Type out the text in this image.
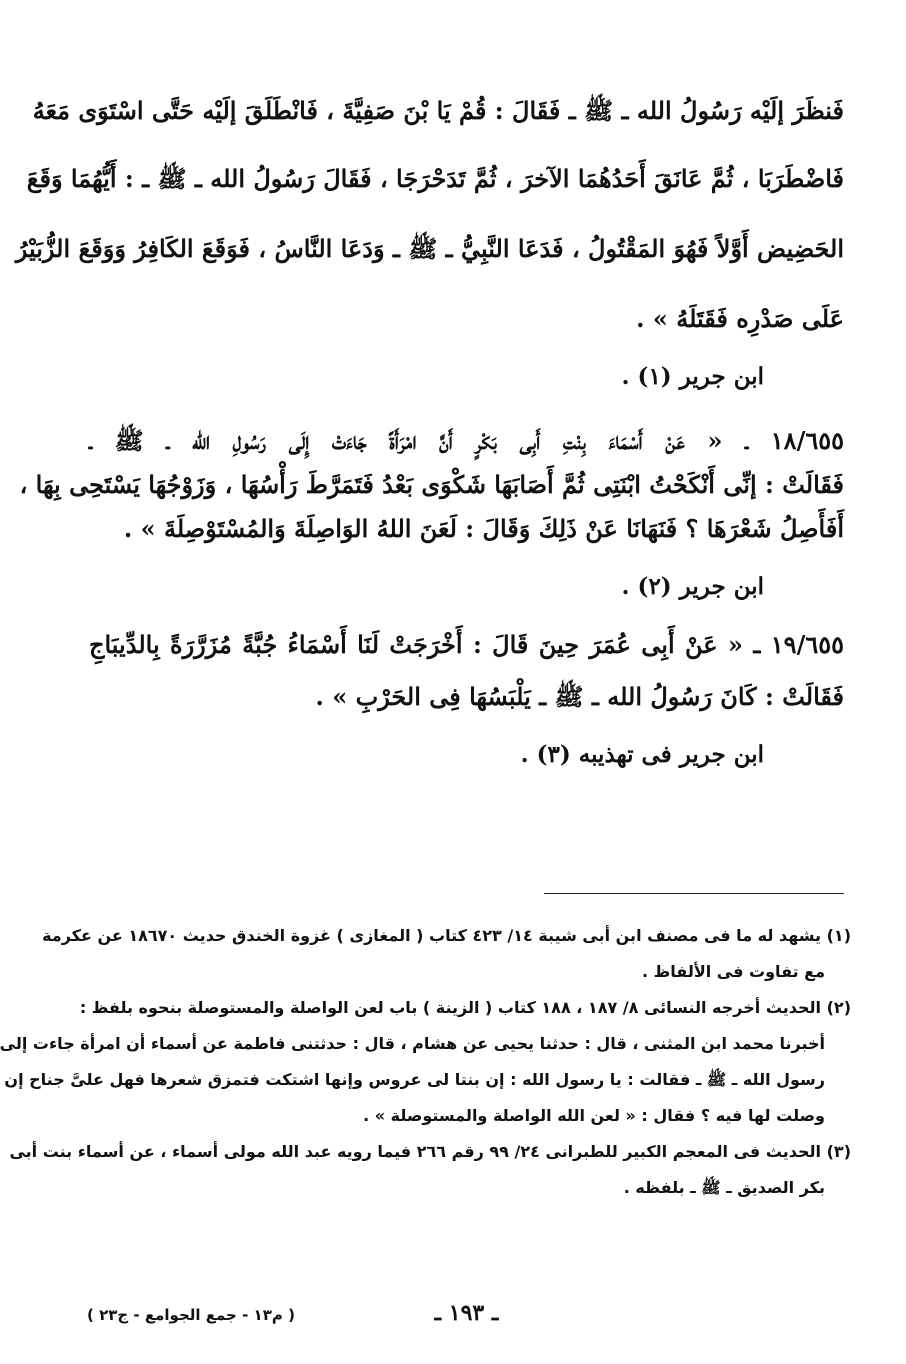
فَنظَرَ إلَيْه رَسُولُ الله ـ ﷺ ـ فَقَالَ : قُمْ يَا بْنَ صَفِيَّةَ ، فَانْطَلَقَ إلَيْه حَتَّى اسْتَوَى مَعَهُ
فَاضْطَرَبَا ، ثُمَّ عَانَقَ أَحَدُهُمَا الآخرَ ، ثُمَّ تَدَحْرَجَا ، فَقَالَ رَسُولُ الله ـ ﷺ ـ : أَيُّهُمَا وَقَعَ
الحَضِيض أَوَّلاً فَهُوَ المَقْتُولُ ، فَدَعَا النَّبِيُّ ـ ﷺ ـ وَدَعَا النَّاسُ ، فَوَقَعَ الكَافِرُ وَوَقَعَ الزُّبَيْرُ
عَلَى صَدْرِه فَقَتَلَهُ » .
ابن جرير (١) .
١٨/٦٥٥ ـ « عَنْ أَسْمَاءَ بِنْتِ أَبِى بَكْرٍ أَنَّ امْرَأَةً جَاءَتْ إِلَى رَسُولِ الله ـ ﷺ ـ
فَقَالَتْ : إنِّى أَنْكَحْتُ ابْنَتِى ثُمَّ أَصَابَهَا شَكْوَى بَعْدُ فَتَمَرَّطَ رَأْسُهَا ، وَزَوْجُهَا يَسْتَحِى بِهَا ،
أَفَأَصِلُ شَعْرَهَا ؟ فَنَهَانَا عَنْ ذَلِكَ وَقَالَ : لَعَنَ اللهُ الوَاصِلَةَ وَالمُسْتَوْصِلَةَ » .
ابن جرير (٢) .
١٩/٦٥٥ ـ « عَنْ أَبِى عُمَرَ حِينَ قَالَ : أَخْرَجَتْ لَنَا أَسْمَاءُ جُبَّةً مُزَرَّرَةً بِالدِّيبَاجِ
فَقَالَتْ : كَانَ رَسُولُ الله ـ ﷺ ـ يَلْبَسُهَا فِى الحَرْبِ » .
ابن جرير فى تهذيبه (٣) .
(١) يشهد له ما فى مصنف ابن أبى شيبة ١٤/ ٤٢٣ كتاب ( المغازى ) غزوة الخندق حديث ١٨٦٧٠ عن عكرمة
مع تفاوت فى الألفاظ .
(٢) الحديث أخرجه النسائى ٨/ ١٨٧ ، ١٨٨ كتاب ( الزينة ) باب لعن الواصلة والمستوصلة بنحوه بلفظ :
أخبرنا محمد ابن المثنى ، قال : حدثنا يحيى عن هشام ، قال : حدثتنى فاطمة عن أسماء أن امرأة جاءت إلى
رسول الله ـ ﷺ ـ فقالت : يا رسول الله : إن بنتا لى عروس وإنها اشتكت فتمزق شعرها فهل علىَّ جناح إن
وصلت لها فيه ؟ فقال : « لعن الله الواصلة والمستوصلة » .
(٣) الحديث فى المعجم الكبير للطبرانى ٢٤/ ٩٩ رقم ٢٦٦ فيما رويه عبد الله مولى أسماء ، عن أسماء بنت أبى
بكر الصديق ـ ﷺ ـ بلفظه .
ـ ١٩٣ ـ
( م١٣ - جمع الجوامع - ج٢٣ )
